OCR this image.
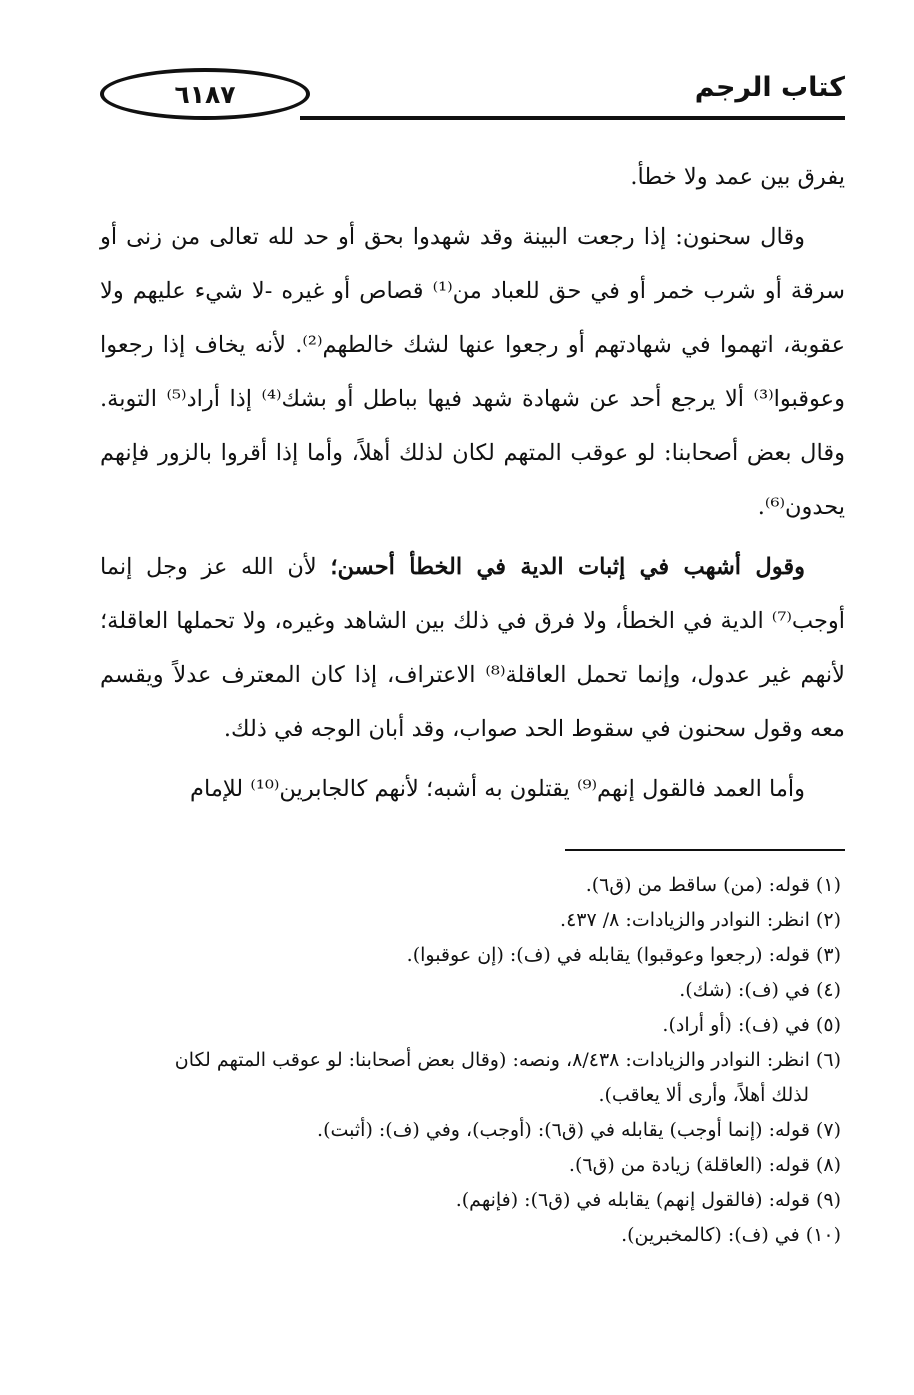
٦١٨٧	كتاب الرجم

يفرق بين عمد ولا خطأ.

وقال سحنون: إذا رجعت البينة وقد شهدوا بحق أو حد لله تعالى من زنى أو سرقة أو شرب خمر أو في حق للعباد من⁽¹⁾ قصاص أو غيره -لا شيء عليهم ولا عقوبة، اتهموا في شهادتهم أو رجعوا عنها لشك خالطهم⁽²⁾. لأنه يخاف إذا رجعوا وعوقبوا⁽³⁾ ألا يرجع أحد عن شهادة شهد فيها بباطل أو بشك⁽⁴⁾ إذا أراد⁽⁵⁾ التوبة. وقال بعض أصحابنا: لو عوقب المتهم لكان لذلك أهلاً، وأما إذا أقروا بالزور فإنهم يحدون⁽⁶⁾.

وقول أشهب في إثبات الدية في الخطأ أحسن؛ لأن الله عز وجل إنما أوجب⁽⁷⁾ الدية في الخطأ، ولا فرق في ذلك بين الشاهد وغيره، ولا تحملها العاقلة؛ لأنهم غير عدول، وإنما تحمل العاقلة⁽⁸⁾ الاعتراف، إذا كان المعترف عدلاً ويقسم معه وقول سحنون في سقوط الحد صواب، وقد أبان الوجه في ذلك.

وأما العمد فالقول إنهم⁽⁹⁾ يقتلون به أشبه؛ لأنهم كالجابرين⁽¹⁰⁾ للإمام

(١) قوله: (من) ساقط من (ق٦).

(٢) انظر: النوادر والزيادات: ٨/ ٤٣٧.

(٣) قوله: (رجعوا وعوقبوا) يقابله في (ف): (إن عوقبوا).

(٤) في (ف): (شك).

(٥) في (ف): (أو أراد).

(٦) انظر: النوادر والزيادات: ٨/٤٣٨، ونصه: (وقال بعض أصحابنا: لو عوقب المتهم لكان

لذلك أهلاً، وأرى ألا يعاقب).

(٧) قوله: (إنما أوجب) يقابله في (ق٦): (أوجب)، وفي (ف): (أثبت).

(٨) قوله: (العاقلة) زيادة من (ق٦).

(٩) قوله: (فالقول إنهم) يقابله في (ق٦): (فإنهم).

(١٠) في (ف): (كالمخبرين).
